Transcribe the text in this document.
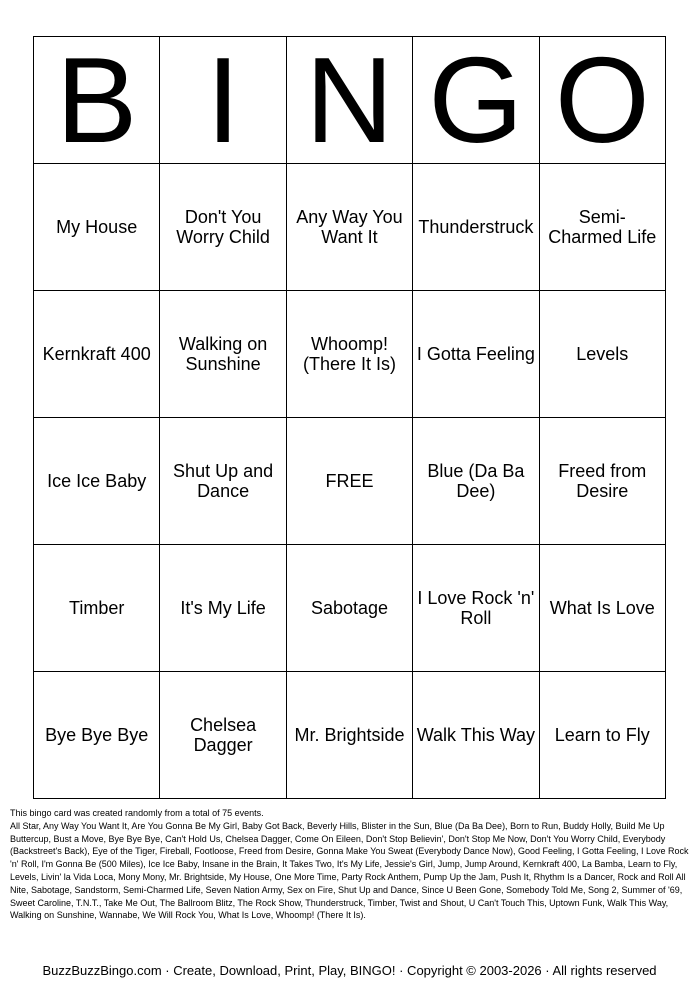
B	I	N	G	O
My House	Don't You Worry Child	Any Way You Want It	Thunderstruck	Semi-Charmed Life
Kernkraft 400	Walking on Sunshine	Whoomp! (There It Is)	I Gotta Feeling	Levels
Ice Ice Baby	Shut Up and Dance	FREE	Blue (Da Ba Dee)	Freed from Desire
Timber	It's My Life	Sabotage	I Love Rock 'n' Roll	What Is Love
Bye Bye Bye	Chelsea Dagger	Mr. Brightside	Walk This Way	Learn to Fly

This bingo card was created randomly from a total of 75 events.

All Star, Any Way You Want It, Are You Gonna Be My Girl, Baby Got Back, Beverly Hills, Blister in the Sun, Blue (Da Ba Dee), Born to Run, Buddy Holly, Build Me Up Buttercup, Bust a Move, Bye Bye Bye, Can't Hold Us, Chelsea Dagger, Come On Eileen, Don't Stop Believin', Don't Stop Me Now, Don't You Worry Child, Everybody (Backstreet's Back), Eye of the Tiger, Fireball, Footloose, Freed from Desire, Gonna Make You Sweat (Everybody Dance Now), Good Feeling, I Gotta Feeling, I Love Rock 'n' Roll, I'm Gonna Be (500 Miles), Ice Ice Baby, Insane in the Brain, It Takes Two, It's My Life, Jessie's Girl, Jump, Jump Around, Kernkraft 400, La Bamba, Learn to Fly, Levels, Livin' la Vida Loca, Mony Mony, Mr. Brightside, My House, One More Time, Party Rock Anthem, Pump Up the Jam, Push It, Rhythm Is a Dancer, Rock and Roll All Nite, Sabotage, Sandstorm, Semi-Charmed Life, Seven Nation Army, Sex on Fire, Shut Up and Dance, Since U Been Gone, Somebody Told Me, Song 2, Summer of '69, Sweet Caroline, T.N.T., Take Me Out, The Ballroom Blitz, The Rock Show, Thunderstruck, Timber, Twist and Shout, U Can't Touch This, Uptown Funk, Walk This Way, Walking on Sunshine, Wannabe, We Will Rock You, What Is Love, Whoomp! (There It Is).

BuzzBuzzBingo.com · Create, Download, Print, Play, BINGO! · Copyright © 2003-2026 · All rights reserved
